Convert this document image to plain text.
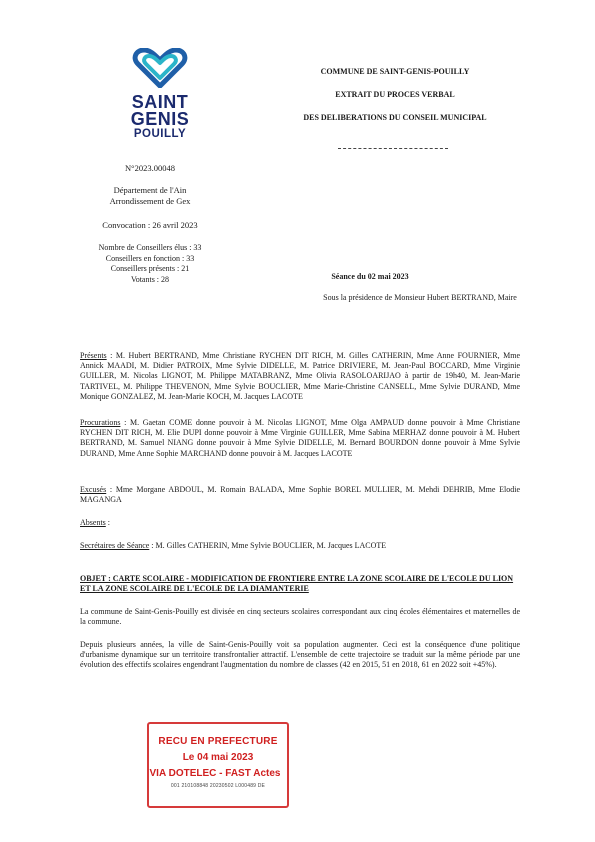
SAINT
GENIS
POUILLY
COMMUNE DE SAINT-GENIS-POUILLY
EXTRAIT DU PROCES VERBAL
DES DELIBERATIONS DU CONSEIL MUNICIPAL
N°2023.00048
Département de l'Ain
Arrondissement de Gex
Convocation : 26 avril 2023
Nombre de Conseillers élus : 33
Conseillers en fonction : 33
Conseillers présents : 21
Votants : 28	Séance du 02 mai 2023
Sous la présidence de Monsieur Hubert BERTRAND, Maire
Présents : M. Hubert BERTRAND, Mme Christiane RYCHEN DIT RICH, M. Gilles CATHERIN, Mme Anne FOURNIER, Mme Annick MAADI, M. Didier PATROIX, Mme Sylvie DIDELLE, M. Patrice DRIVIERE, M. Jean-Paul BOCCARD, Mme Virginie GUILLER, M. Nicolas LIGNOT, M. Philippe MATABRANZ, Mme Olivia RASOLOARIJAO à partir de 19h40, M. Jean-Marie TARTIVEL, M. Philippe THEVENON, Mme Sylvie BOUCLIER, Mme Marie-Christine CANSELL, Mme Sylvie DURAND, Mme Monique GONZALEZ, M. Jean-Marie KOCH, M. Jacques LACOTE
Procurations : M. Gaetan COME donne pouvoir à M. Nicolas LIGNOT, Mme Olga AMPAUD donne pouvoir à Mme Christiane RYCHEN DIT RICH, M. Elie DUPI donne pouvoir à Mme Virginie GUILLER, Mme Sabina MERHAZ donne pouvoir à M. Hubert BERTRAND, M. Samuel NIANG donne pouvoir à Mme Sylvie DIDELLE, M. Bernard BOURDON donne pouvoir à Mme Sylvie DURAND, Mme Anne Sophie MARCHAND donne pouvoir à M. Jacques LACOTE
Excusés : Mme Morgane ABDOUL, M. Romain BALADA, Mme Sophie BOREL MULLIER, M. Mehdi DEHRIB, Mme Elodie MAGANGA
Absents :
Secrétaires de Séance : M. Gilles CATHERIN, Mme Sylvie BOUCLIER, M. Jacques LACOTE
OBJET : CARTE SCOLAIRE - MODIFICATION DE FRONTIERE ENTRE LA ZONE SCOLAIRE DE L'ECOLE DU LION ET LA ZONE SCOLAIRE DE L'ECOLE DE LA DIAMANTERIE
La commune de Saint-Genis-Pouilly est divisée en cinq secteurs scolaires correspondant aux cinq écoles élémentaires et maternelles de la commune.
Depuis plusieurs années, la ville de Saint-Genis-Pouilly voit sa population augmenter. Ceci est la conséquence d'une politique d'urbanisme dynamique sur un territoire transfrontalier attractif. L'ensemble de cette trajectoire se traduit sur la même période par une évolution des effectifs scolaires engendrant l'augmentation du nombre de classes (42 en 2015, 51 en 2018, 61 en 2022 soit +45%).
RECU EN PREFECTURE
Le 04 mai 2023
VIA DOTELEC - FAST Actes
001 210108848 20230502 L000489 DE
